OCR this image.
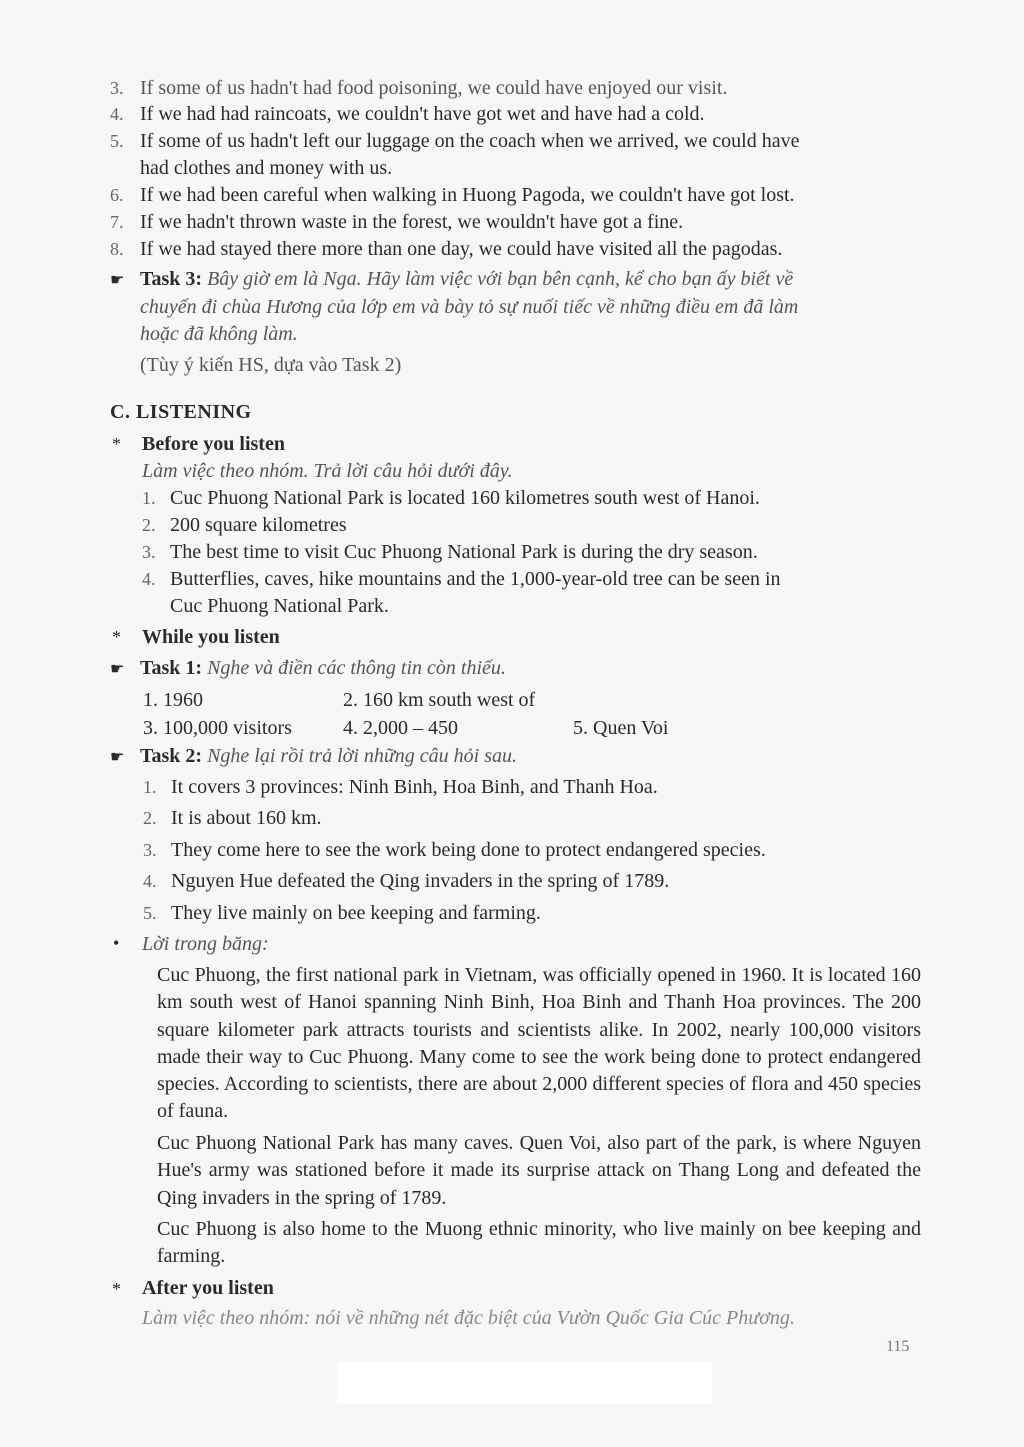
3. If some of us hadn't had food poisoning, we could have enjoyed our visit.
4. If we had had raincoats, we couldn't have got wet and have had a cold.
5. If some of us hadn't left our luggage on the coach when we arrived, we could have
had clothes and money with us.
6. If we had been careful when walking in Huong Pagoda, we couldn't have got lost.
7. If we hadn't thrown waste in the forest, we wouldn't have got a fine.
8. If we had stayed there more than one day, we could have visited all the pagodas.
☛ Task 3: Bây giờ em là Nga. Hãy làm việc với bạn bên cạnh, kể cho bạn ấy biết về
chuyến đi chùa Hương của lớp em và bày tỏ sự nuối tiếc về những điều em đã làm
hoặc đã không làm.
(Tùy ý kiến HS, dựa vào Task 2)
C. LISTENING
* Before you listen
Làm việc theo nhóm. Trả lời câu hỏi dưới đây.
1. Cuc Phuong National Park is located 160 kilometres south west of Hanoi.
2. 200 square kilometres
3. The best time to visit Cuc Phuong National Park is during the dry season.
4. Butterflies, caves, hike mountains and the 1,000-year-old tree can be seen in
Cuc Phuong National Park.
* While you listen
☛ Task 1: Nghe và điền các thông tin còn thiếu.
1. 1960	2. 160 km south west of
3. 100,000 visitors	4. 2,000 – 450	5. Quen Voi
☛ Task 2: Nghe lại rồi trả lời những câu hỏi sau.
1. It covers 3 provinces: Ninh Binh, Hoa Binh, and Thanh Hoa.
2. It is about 160 km.
3. They come here to see the work being done to protect endangered species.
4. Nguyen Hue defeated the Qing invaders in the spring of 1789.
5. They live mainly on bee keeping and farming.
• Lời trong băng:
Cuc Phuong, the first national park in Vietnam, was officially opened in 1960. It is located 160 km south west of Hanoi spanning Ninh Binh, Hoa Binh and Thanh Hoa provinces. The 200 square kilometer park attracts tourists and scientists alike. In 2002, nearly 100,000 visitors made their way to Cuc Phuong. Many come to see the work being done to protect endangered species. According to scientists, there are about 2,000 different species of flora and 450 species of fauna.
Cuc Phuong National Park has many caves. Quen Voi, also part of the park, is where Nguyen Hue's army was stationed before it made its surprise attack on Thang Long and defeated the Qing invaders in the spring of 1789.
Cuc Phuong is also home to the Muong ethnic minority, who live mainly on bee keeping and farming.
* After you listen
Làm việc theo nhóm: nói về những nét đặc biệt của Vườn Quốc Gia Cúc Phương.
115
